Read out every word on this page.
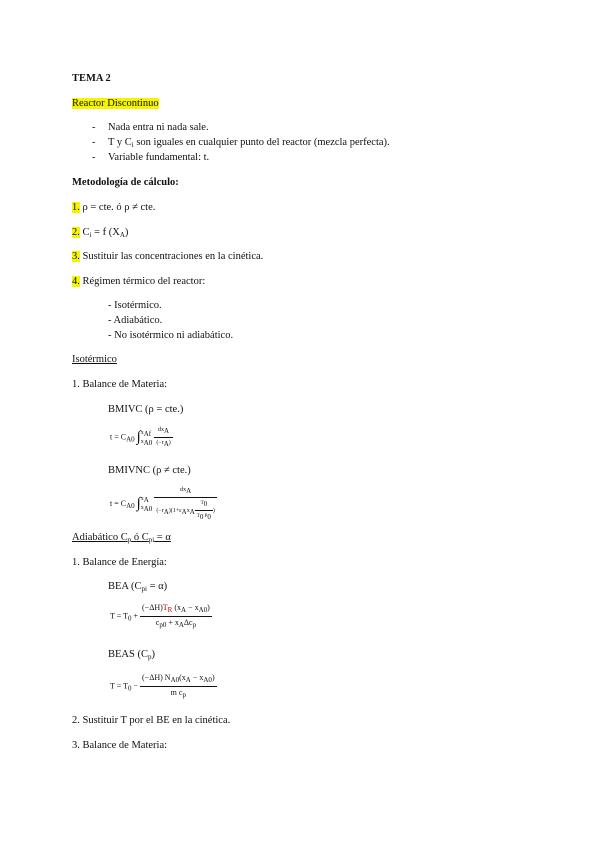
TEMA 2
Reactor Discontinuo
- Nada entra ni nada sale.
- T y $C_i$ son iguales en cualquier punto del reactor (mezcla perfecta).
- Variable fundamental: t.
Metodología de cálculo:
1. ρ = cte. ó ρ ≠ cte.
2. $C_i = f$ $(X_A)$
3. Sustituir las concentraciones en la cinética.
4. Régimen térmico del reactor:
- Isotérmico.
- Adiabático.
- No isotérmico ni adiabático.
Isotérmico
1. Balance de Materia:
BMIVC (ρ = cte.)
$t = C_{A0}$ $\int x_{Af}$
$x_{A0} \frac{dx_A}{(-r_A)}$
BMIVNC (ρ ≠ cte.)
$t = C_{A0}$ $\int x_A$
$x_{A0} \frac{dx_A}{(-r_A)(1+\varepsilon_Ax_A \frac{T_0}{T_0 P_0} )}$
Adiabático $C_p$ ó $C_{pi} = \alpha$
1. Balance de Energía:
BEA $(C_{pi} = \alpha)$
$T = T_0 + \frac{(-\Delta H)T_R (x_A - x_{A0})}{c_{p0} + x_A\Delta c_p}$
BEAS $(C_p)$
$T = T_0 - \frac{(-\Delta H) N_{A0}(x_A - x_{A0})}{m c_p}$
2. Sustituir T por el BE en la cinética.
3. Balance de Materia:
